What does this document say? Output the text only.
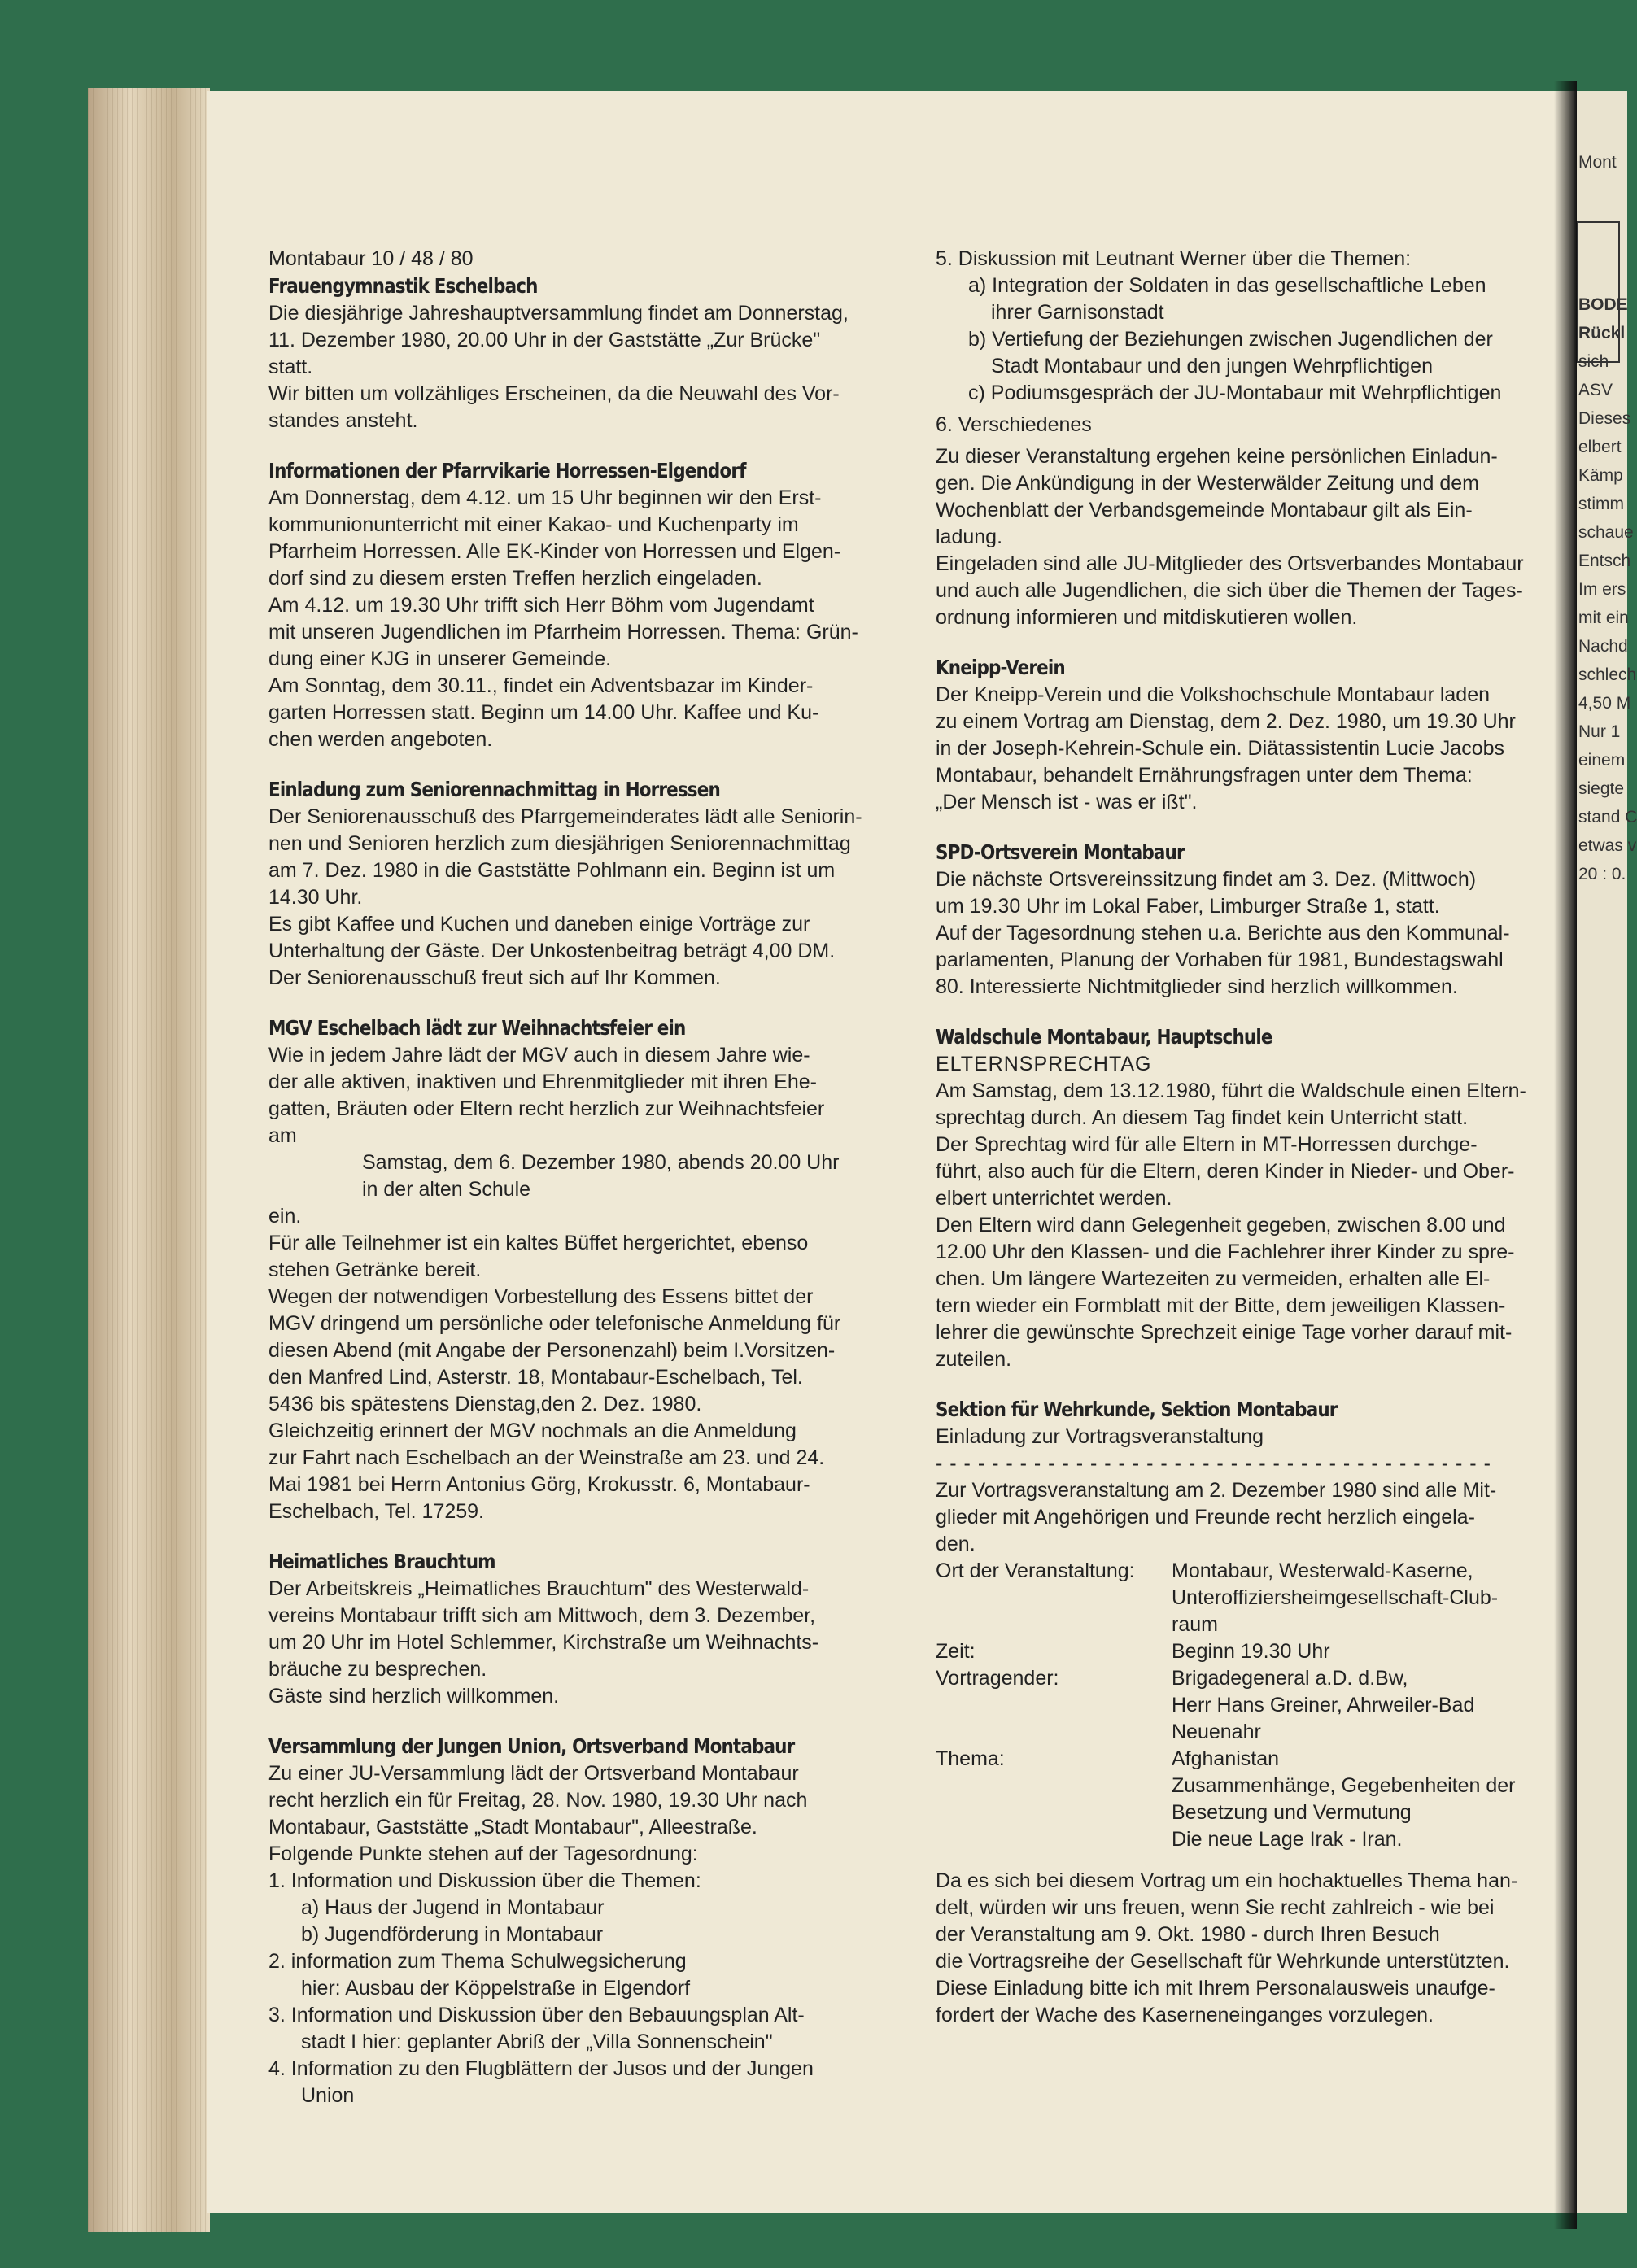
Montabaur 10 / 48 / 80
Frauengymnastik Eschelbach
Die diesjährige Jahreshauptversammlung findet am Donnerstag,
11. Dezember 1980, 20.00 Uhr in der Gaststätte „Zur Brücke"
statt.
Wir bitten um vollzähliges Erscheinen, da die Neuwahl des Vor-
standes ansteht.
Informationen der Pfarrvikarie Horressen-Elgendorf
Am Donnerstag, dem 4.12. um 15 Uhr beginnen wir den Erst-
kommunionunterricht mit einer Kakao- und Kuchenparty im
Pfarrheim Horressen. Alle EK-Kinder von Horressen und Elgen-
dorf sind zu diesem ersten Treffen herzlich eingeladen.
Am 4.12. um 19.30 Uhr trifft sich Herr Böhm vom Jugendamt
mit unseren Jugendlichen im Pfarrheim Horressen. Thema: Grün-
dung einer KJG in unserer Gemeinde.
Am Sonntag, dem 30.11., findet ein Adventsbazar im Kinder-
garten Horressen statt. Beginn um 14.00 Uhr. Kaffee und Ku-
chen werden angeboten.
Einladung zum Seniorennachmittag in Horressen
Der Seniorenausschuß des Pfarrgemeinderates lädt alle Seniorin-
nen und Senioren herzlich zum diesjährigen Seniorennachmittag
am 7. Dez. 1980 in die Gaststätte Pohlmann ein. Beginn ist um
14.30 Uhr.
Es gibt Kaffee und Kuchen und daneben einige Vorträge zur
Unterhaltung der Gäste. Der Unkostenbeitrag beträgt 4,00 DM.
Der Seniorenausschuß freut sich auf Ihr Kommen.
MGV Eschelbach lädt zur Weihnachtsfeier ein
Wie in jedem Jahre lädt der MGV auch in diesem Jahre wie-
der alle aktiven, inaktiven und Ehrenmitglieder mit ihren Ehe-
gatten, Bräuten oder Eltern recht herzlich zur Weihnachtsfeier
am
Samstag, dem 6. Dezember 1980, abends 20.00 Uhr
in der alten Schule
ein.
Für alle Teilnehmer ist ein kaltes Büffet hergerichtet, ebenso
stehen Getränke bereit.
Wegen der notwendigen Vorbestellung des Essens bittet der
MGV dringend um persönliche oder telefonische Anmeldung für
diesen Abend (mit Angabe der Personenzahl) beim I.Vorsitzen-
den Manfred Lind, Asterstr. 18, Montabaur-Eschelbach, Tel.
5436 bis spätestens Dienstag,den 2. Dez. 1980.
Gleichzeitig erinnert der MGV nochmals an die Anmeldung
zur Fahrt nach Eschelbach an der Weinstraße am 23. und 24.
Mai 1981 bei Herrn Antonius Görg, Krokusstr. 6, Montabaur-
Eschelbach, Tel. 17259.
Heimatliches Brauchtum
Der Arbeitskreis „Heimatliches Brauchtum" des Westerwald-
vereins Montabaur trifft sich am Mittwoch, dem 3. Dezember,
um 20 Uhr im Hotel Schlemmer, Kirchstraße um Weihnachts-
bräuche zu besprechen.
Gäste sind herzlich willkommen.
Versammlung der Jungen Union, Ortsverband Montabaur
Zu einer JU-Versammlung lädt der Ortsverband Montabaur
recht herzlich ein für Freitag, 28. Nov. 1980, 19.30 Uhr nach
Montabaur, Gaststätte „Stadt Montabaur", Alleestraße.
Folgende Punkte stehen auf der Tagesordnung:
1. Information und Diskussion über die Themen:
a) Haus der Jugend in Montabaur
b) Jugendförderung in Montabaur
2. information zum Thema Schulwegsicherung
hier: Ausbau der Köppelstraße in Elgendorf
3. Information und Diskussion über den Bebauungsplan Alt-
stadt I hier: geplanter Abriß der „Villa Sonnenschein"
4. Information zu den Flugblättern der Jusos und der Jungen
Union
5. Diskussion mit Leutnant Werner über die Themen:
a) Integration der Soldaten in das gesellschaftliche Leben
ihrer Garnisonstadt
b) Vertiefung der Beziehungen zwischen Jugendlichen der
Stadt Montabaur und den jungen Wehrpflichtigen
c) Podiumsgespräch der JU-Montabaur mit Wehrpflichtigen
6. Verschiedenes
Zu dieser Veranstaltung ergehen keine persönlichen Einladun-
gen. Die Ankündigung in der Westerwälder Zeitung und dem
Wochenblatt der Verbandsgemeinde Montabaur gilt als Ein-
ladung.
Eingeladen sind alle JU-Mitglieder des Ortsverbandes Montabaur
und auch alle Jugendlichen, die sich über die Themen der Tages-
ordnung informieren und mitdiskutieren wollen.
Kneipp-Verein
Der Kneipp-Verein und die Volkshochschule Montabaur laden
zu einem Vortrag am Dienstag, dem 2. Dez. 1980, um 19.30 Uhr
in der Joseph-Kehrein-Schule ein. Diätassistentin Lucie Jacobs
Montabaur, behandelt Ernährungsfragen unter dem Thema:
„Der Mensch ist - was er ißt".
SPD-Ortsverein Montabaur
Die nächste Ortsvereinssitzung findet am 3. Dez. (Mittwoch)
um 19.30 Uhr im Lokal Faber, Limburger Straße 1, statt.
Auf der Tagesordnung stehen u.a. Berichte aus den Kommunal-
parlamenten, Planung der Vorhaben für 1981, Bundestagswahl
80. Interessierte Nichtmitglieder sind herzlich willkommen.
Waldschule Montabaur, Hauptschule
ELTERNSPRECHTAG
Am Samstag, dem 13.12.1980, führt die Waldschule einen Eltern-
sprechtag durch. An diesem Tag findet kein Unterricht statt.
Der Sprechtag wird für alle Eltern in MT-Horressen durchge-
führt, also auch für die Eltern, deren Kinder in Nieder- und Ober-
elbert unterrichtet werden.
Den Eltern wird dann Gelegenheit gegeben, zwischen 8.00 und
12.00 Uhr den Klassen- und die Fachlehrer ihrer Kinder zu spre-
chen. Um längere Wartezeiten zu vermeiden, erhalten alle El-
tern wieder ein Formblatt mit der Bitte, dem jeweiligen Klassen-
lehrer die gewünschte Sprechzeit einige Tage vorher darauf mit-
zuteilen.
Sektion für Wehrkunde, Sektion Montabaur
Einladung zur Vortragsveranstaltung
- - - - - - - - - - - - - - - - - - - - - - - - - - - - - - - - - - - - - - - -
Zur Vortragsveranstaltung am 2. Dezember 1980 sind alle Mit-
glieder mit Angehörigen und Freunde recht herzlich eingela-
den.
Ort der Veranstaltung:	Montabaur, Westerwald-Kaserne,
Unteroffiziersheimgesellschaft-Club-
raum
Zeit:	Beginn 19.30 Uhr
Vortragender:	Brigadegeneral a.D. d.Bw,
Herr Hans Greiner, Ahrweiler-Bad
Neuenahr
Thema:	Afghanistan
Zusammenhänge, Gegebenheiten der
Besetzung und Vermutung
Die neue Lage Irak - Iran.
Da es sich bei diesem Vortrag um ein hochaktuelles Thema han-
delt, würden wir uns freuen, wenn Sie recht zahlreich - wie bei
der Veranstaltung am 9. Okt. 1980 - durch Ihren Besuch
die Vortragsreihe der Gesellschaft für Wehrkunde unterstützten.
Diese Einladung bitte ich mit Ihrem Personalausweis unaufge-
fordert der Wache des Kaserneneinganges vorzulegen.
Mont

BODE
Rückl
sich
ASV
Dieses
elbert
Kämp
stimm
schaue
Entsch
Im ers
mit ein
Nachd
schlech
4,50 M
Nur 1
einem
siegte
stand C
etwas v
20 : 0.
